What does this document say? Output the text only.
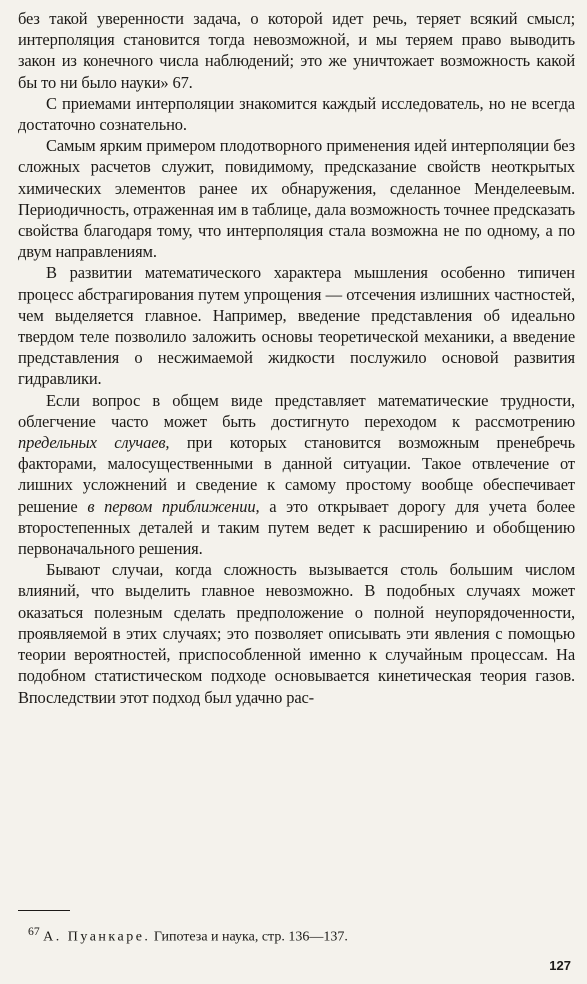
без такой уверенности задача, о которой идет речь, теряет всякий смысл; интерполяция становится тогда невозможной, и мы теряем право выводить закон из конечного числа наблюдений; это же уничтожает возможность какой бы то ни было науки» 67.

С приемами интерполяции знакомится каждый исследователь, но не всегда достаточно сознательно.

Самым ярким примером плодотворного применения идей интерполяции без сложных расчетов служит, повидимому, предсказание свойств неоткрытых химических элементов ранее их обнаружения, сделанное Менделеевым. Периодичность, отраженная им в таблице, дала возможность точнее предсказать свойства благодаря тому, что интерполяция стала возможна не по одному, а по двум направлениям.

В развитии математического характера мышления особенно типичен процесс абстрагирования путем упрощения — отсечения излишних частностей, чем выделяется главное. Например, введение представления об идеально твердом теле позволило заложить основы теоретической механики, а введение представления о несжимаемой жидкости послужило основой развития гидравлики.

Если вопрос в общем виде представляет математические трудности, облегчение часто может быть достигнуто переходом к рассмотрению предельных случаев, при которых становится возможным пренебречь факторами, малосущественными в данной ситуации. Такое отвлечение от лишних усложнений и сведение к самому простому вообще обеспечивает решение в первом приближении, а это открывает дорогу для учета более второстепенных деталей и таким путем ведет к расширению и обобщению первоначального решения.

Бывают случаи, когда сложность вызывается столь большим числом влияний, что выделить главное невозможно. В подобных случаях может оказаться полезным сделать предположение о полной неупорядоченности, проявляемой в этих случаях; это позволяет описывать эти явления с помощью теории вероятностей, приспособленной именно к случайным процессам. На подобном статистическом подходе основывается кинетическая теория газов. Впоследствии этот подход был удачно рас-

$^{67}$ А. Пуанкаре. Гипотеза и наука, стр. 136—137.
127
